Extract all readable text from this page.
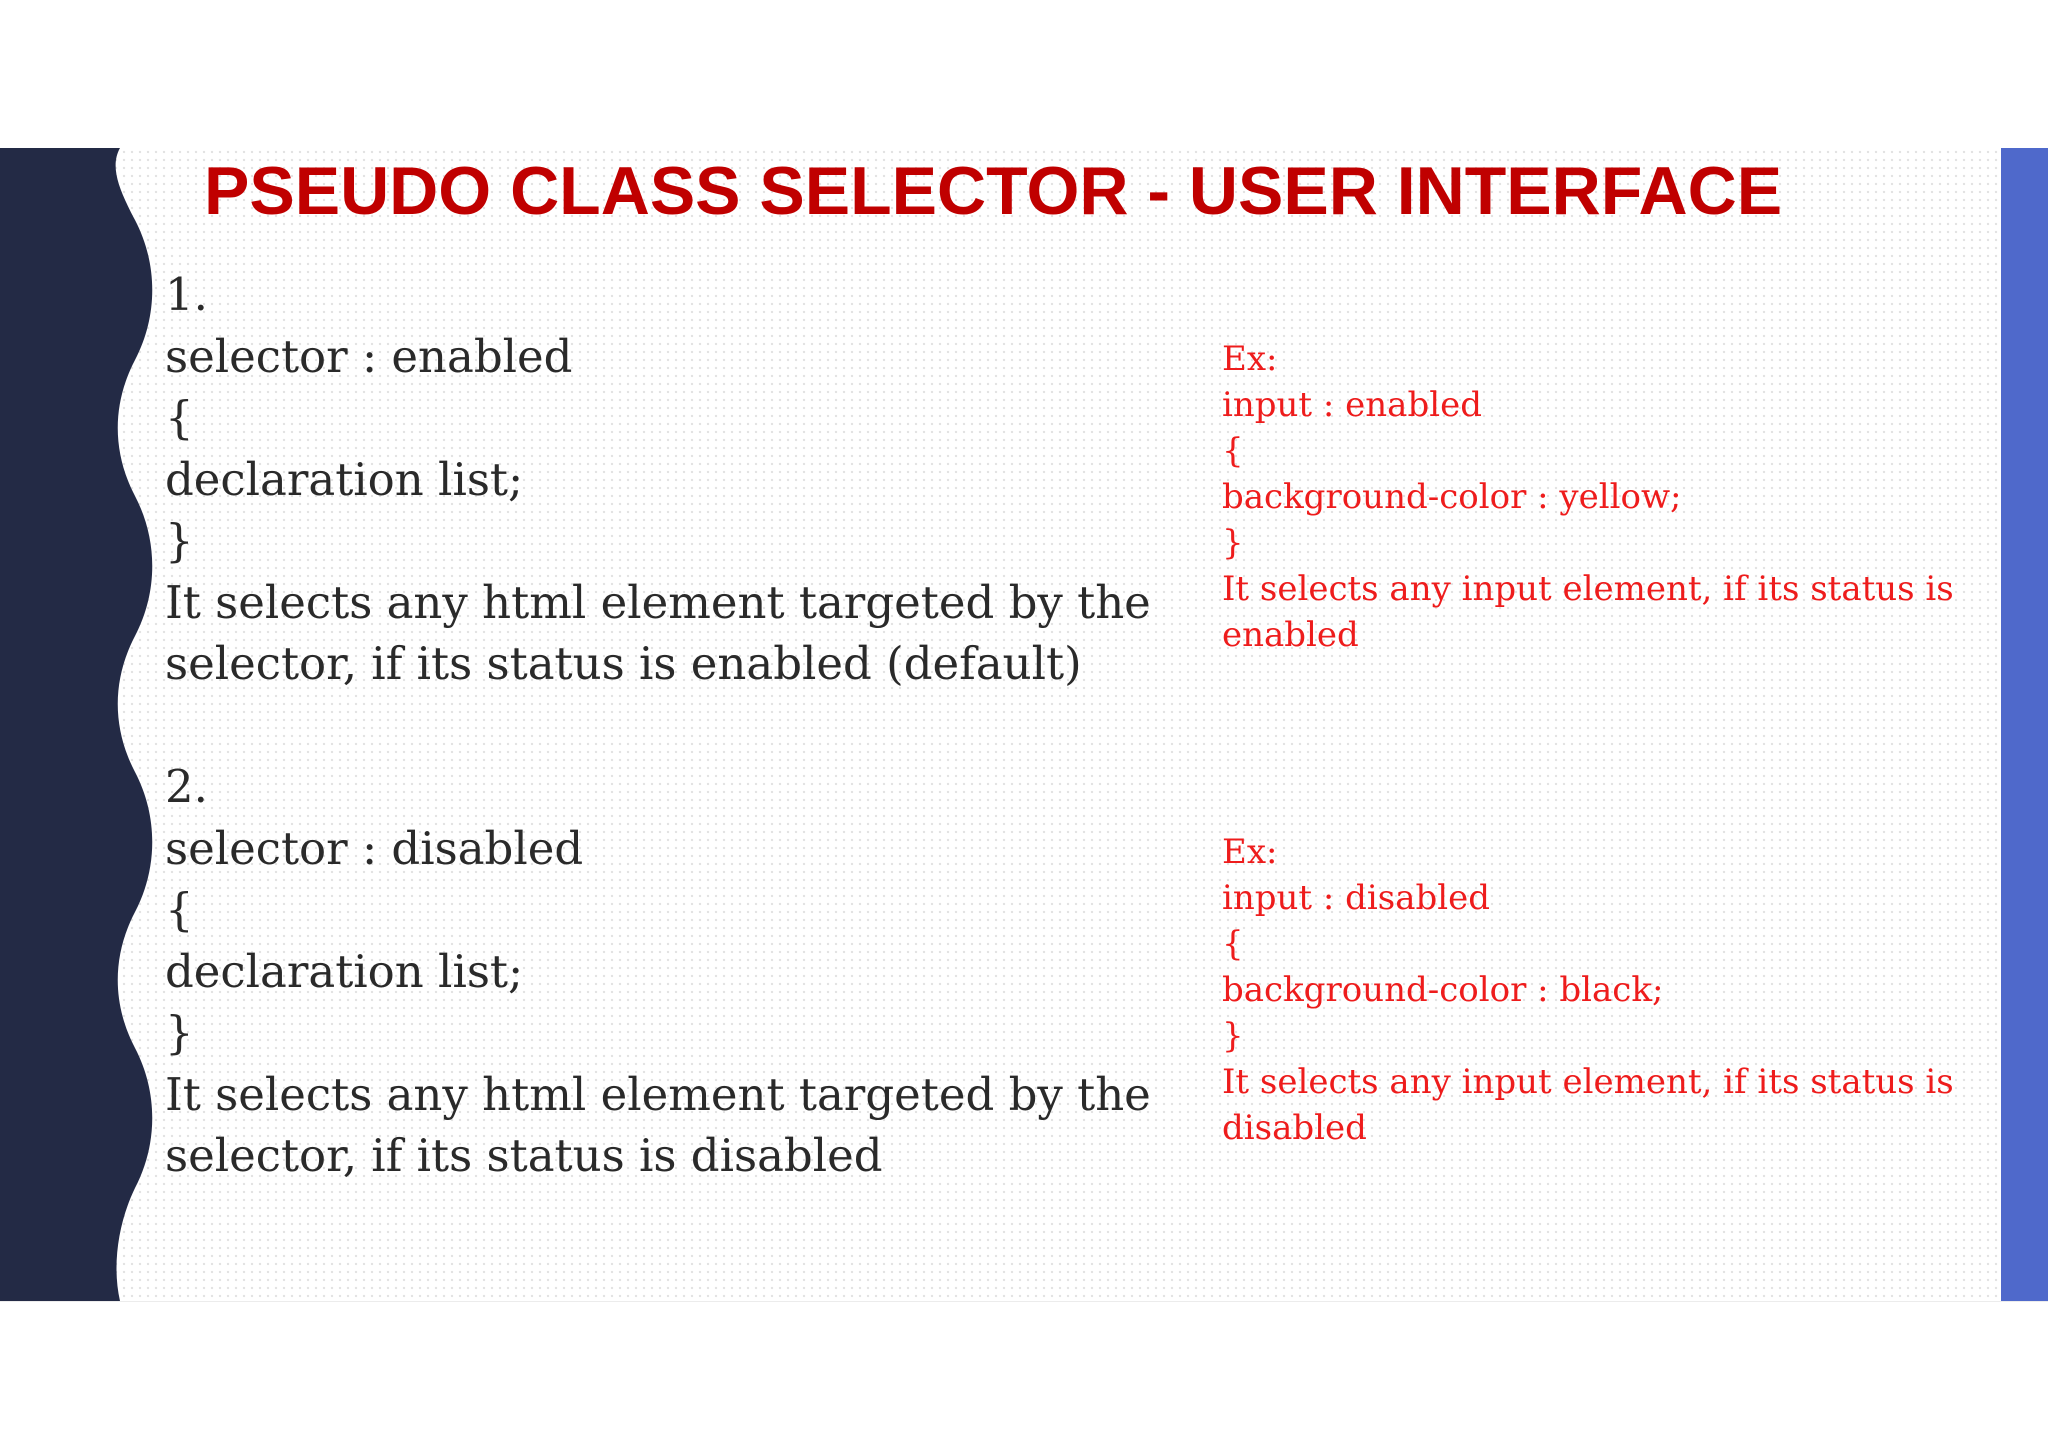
PSEUDO CLASS SELECTOR - USER INTERFACE
1.
selector : enabled
{
declaration list;
}
It selects any html element targeted by the
selector, if its status is enabled (default)
Ex:
input : enabled
{
background-color : yellow;
}
It selects any input element, if its status is
enabled
2.
selector : disabled
{
declaration list;
}
It selects any html element targeted by the
selector, if its status is disabled
Ex:
input : disabled
{
background-color : black;
}
It selects any input element, if its status is
disabled
